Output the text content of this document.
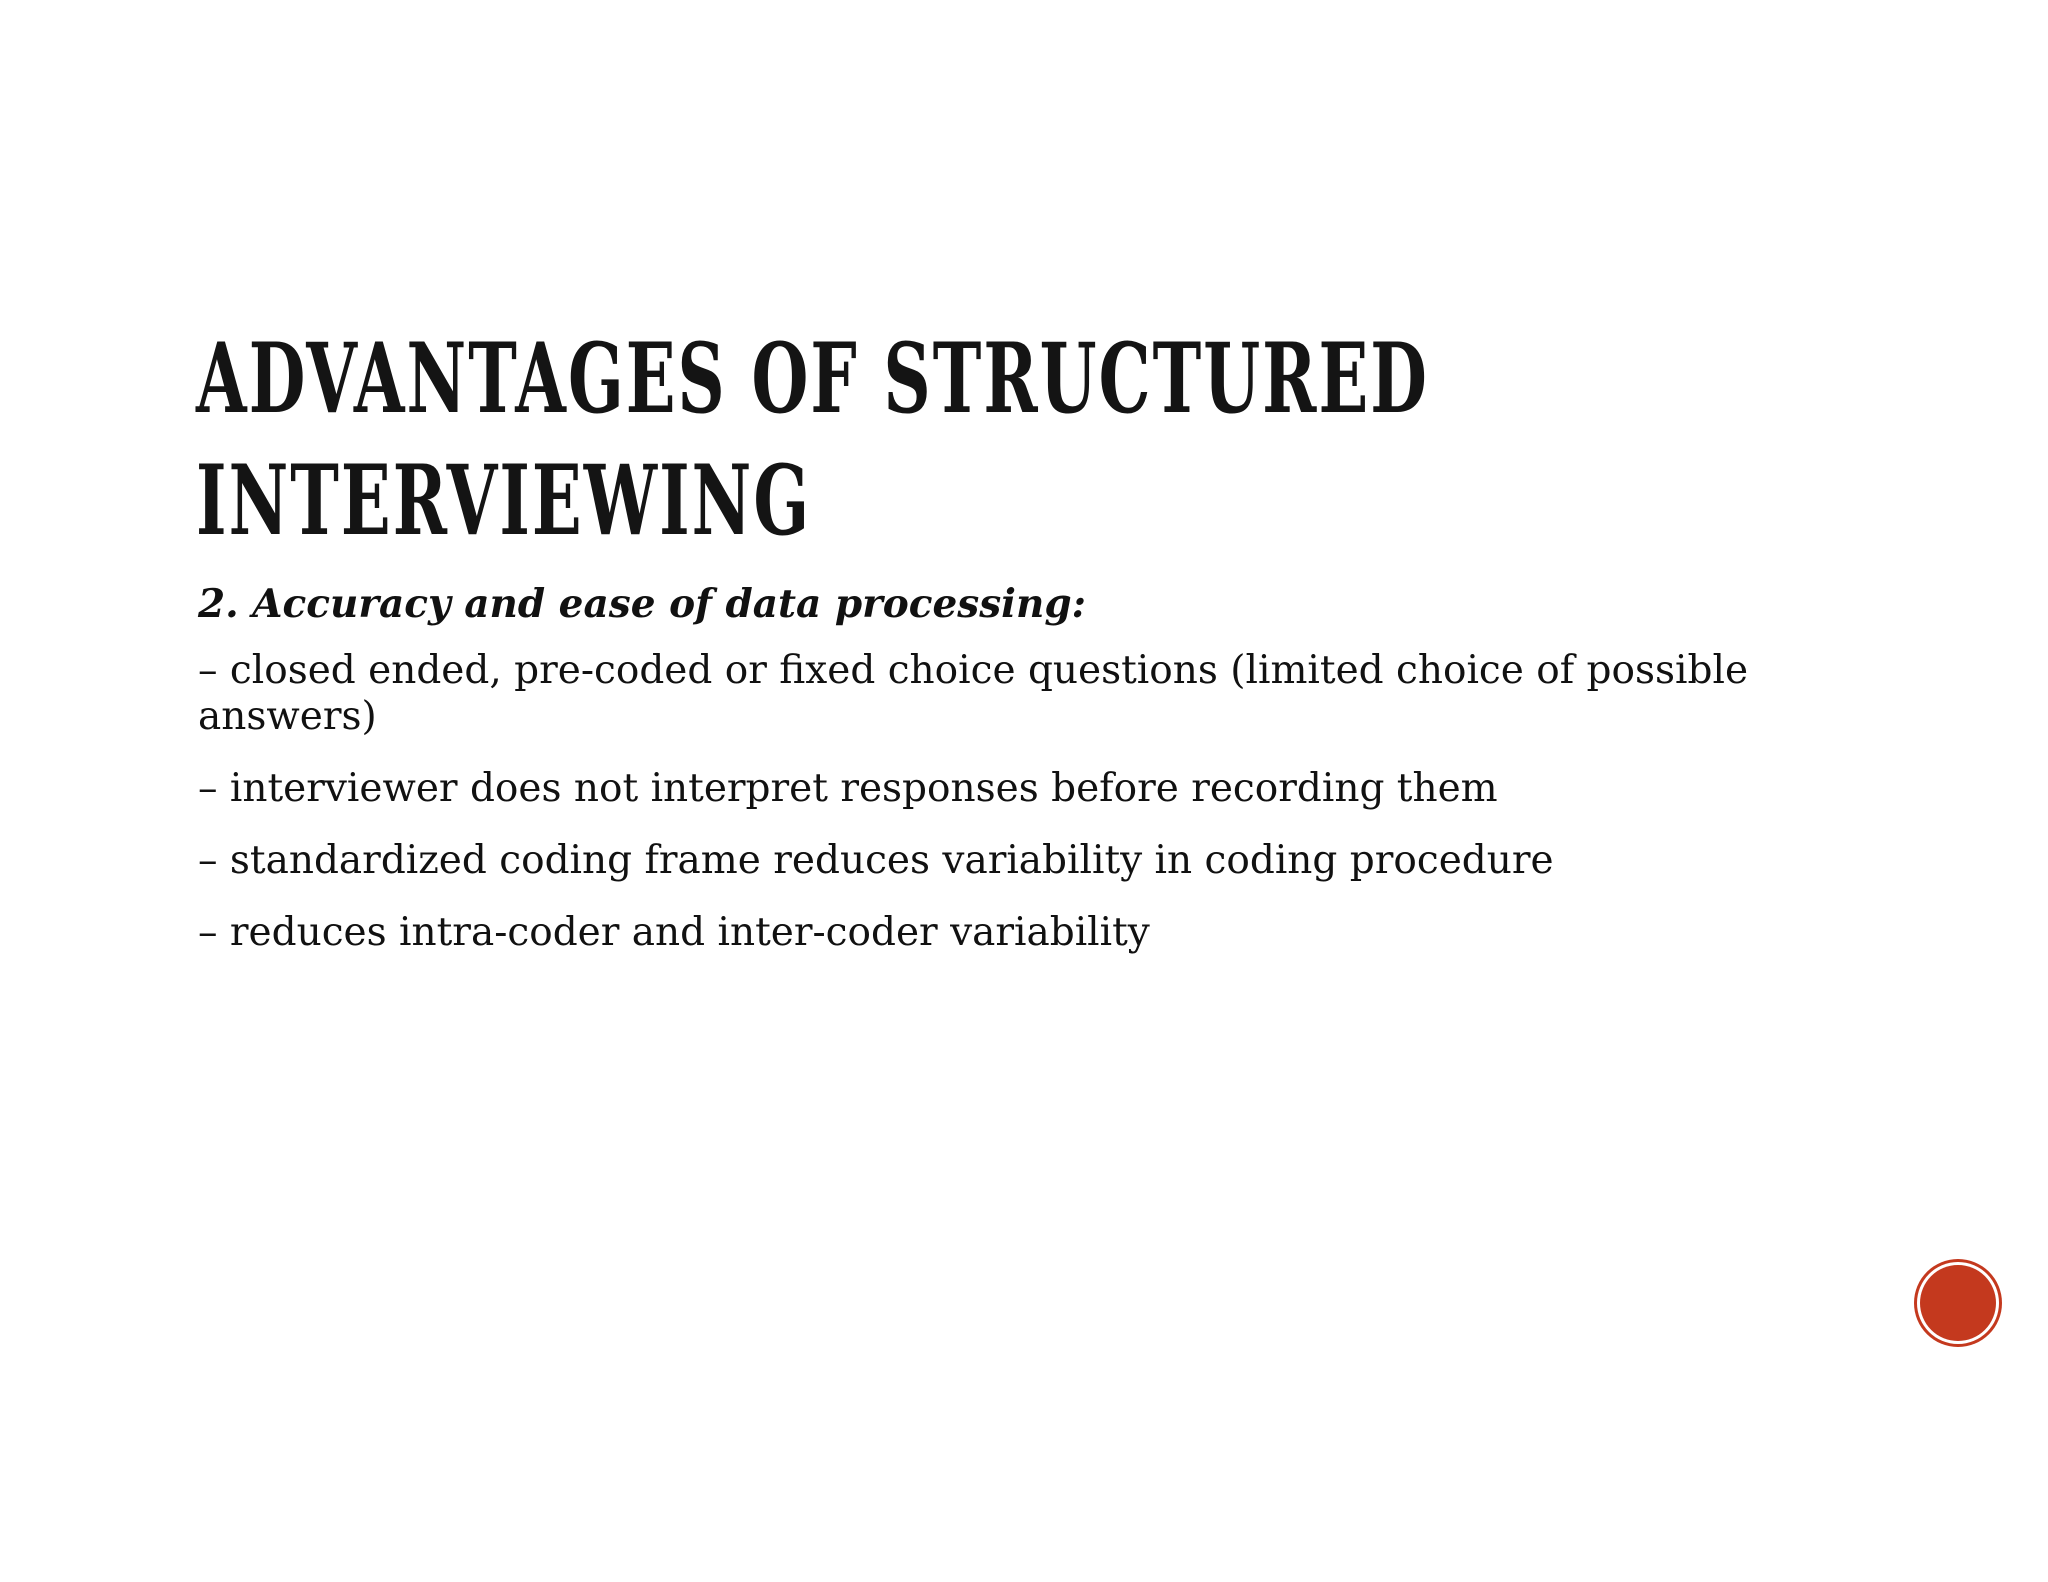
ADVANTAGES OF STRUCTURED
INTERVIEWING

2. Accuracy and ease of data processing:

– closed ended, pre-coded or fixed choice questions (limited choice of possible answers)

– interviewer does not interpret responses before recording them

– standardized coding frame reduces variability in coding procedure

– reduces intra-coder and inter-coder variability
